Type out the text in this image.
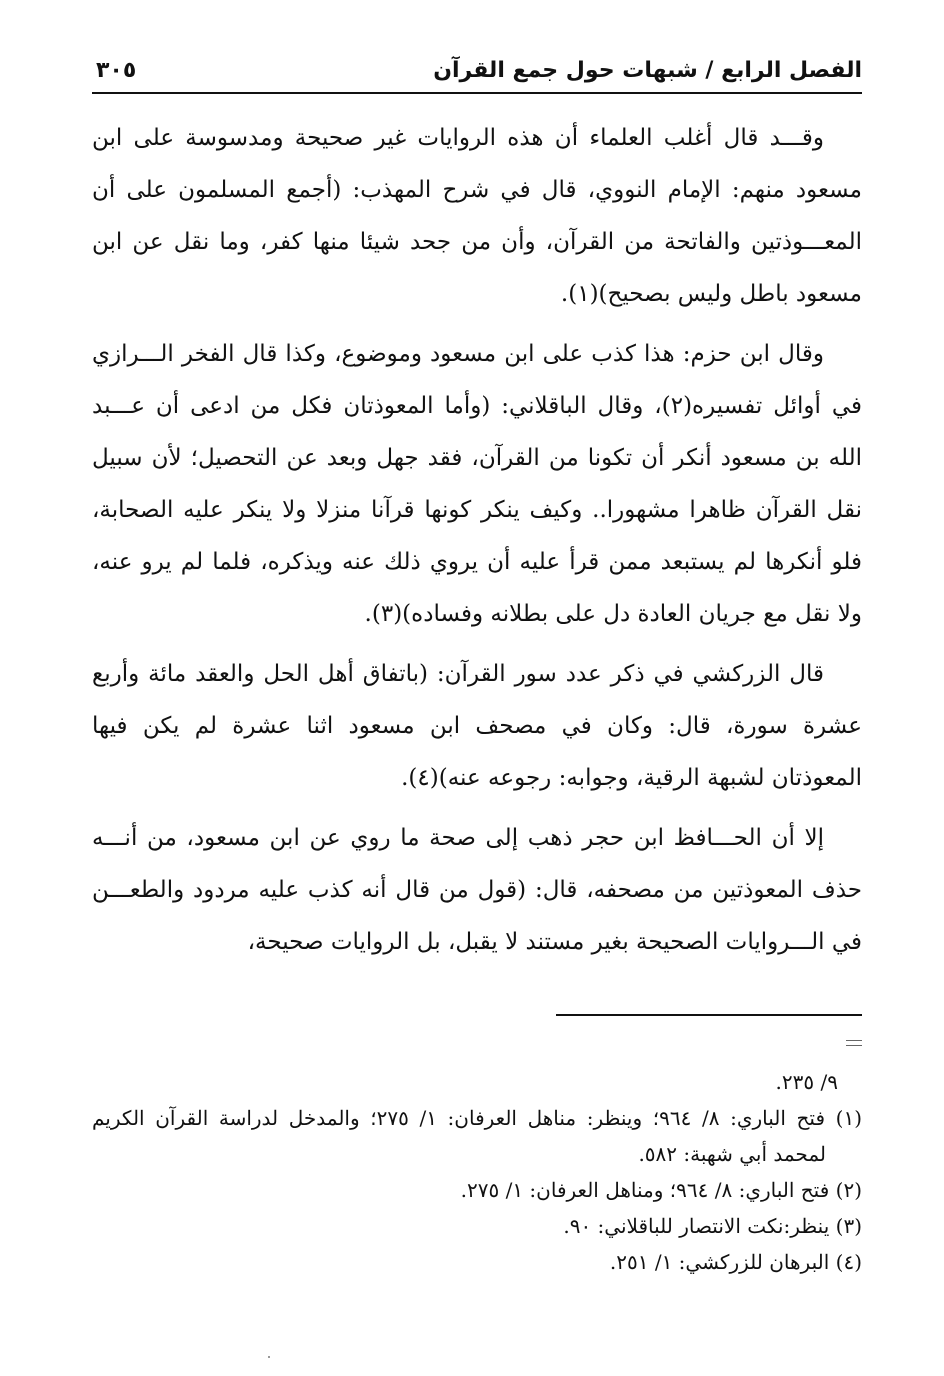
الفصل الرابع / شبهات حول جمع القرآن
٣٠٥

وقـــد قال أغلب العلماء أن هذه الروايات غير صحيحة ومدسوسة على ابن مسعود منهم: الإمام النووي، قال في شرح المهذب: (أجمع المسلمون على أن المعـــوذتين والفاتحة من القرآن، وأن من جحد شيئا منها كفر، وما نقل عن ابن مسعود باطل وليس بصحيح)(١).

وقال ابن حزم: هذا كذب على ابن مسعود وموضوع، وكذا قال الفخر الـــرازي في أوائل تفسيره(٢)، وقال الباقلاني: (وأما المعوذتان فكل من ادعى أن عـــبد الله بن مسعود أنكر أن تكونا من القرآن، فقد جهل وبعد عن التحصيل؛ لأن سبيل نقل القرآن ظاهرا مشهورا.. وكيف ينكر كونها قرآنا منزلا ولا ينكر عليه الصحابة، فلو أنكرها لم يستبعد ممن قرأ عليه أن يروي ذلك عنه ويذكره، فلما لم يرو عنه، ولا نقل مع جريان العادة دل على بطلانه وفساده)(٣).

قال الزركشي في ذكر عدد سور القرآن: (باتفاق أهل الحل والعقد مائة وأربع عشرة سورة، قال: وكان في مصحف ابن مسعود اثنا عشرة لم يكن فيها المعوذتان لشبهة الرقية، وجوابه: رجوعه عنه)(٤).

إلا أن الحـــافظ ابن حجر ذهب إلى صحة ما روي عن ابن مسعود، من أنـــه حذف المعوذتين من مصحفه، قال: (قول من قال أنه كذب عليه مردود والطعـــن في الـــروايات الصحيحة بغير مستند لا يقبل، بل الروايات صحيحة،

٩/ ٢٣٥.

(١) فتح الباري: ٨/ ٩٦٤؛ وينظر: مناهل العرفان: ١/ ٢٧٥؛ والمدخل لدراسة القرآن الكريم لمحمد أبي شهبة: ٥٨٢.

(٢) فتح الباري: ٨/ ٩٦٤؛ ومناهل العرفان: ١/ ٢٧٥.

(٣) ينظر:نكت الانتصار للباقلاني: ٩٠.

(٤) البرهان للزركشي: ١/ ٢٥١.
